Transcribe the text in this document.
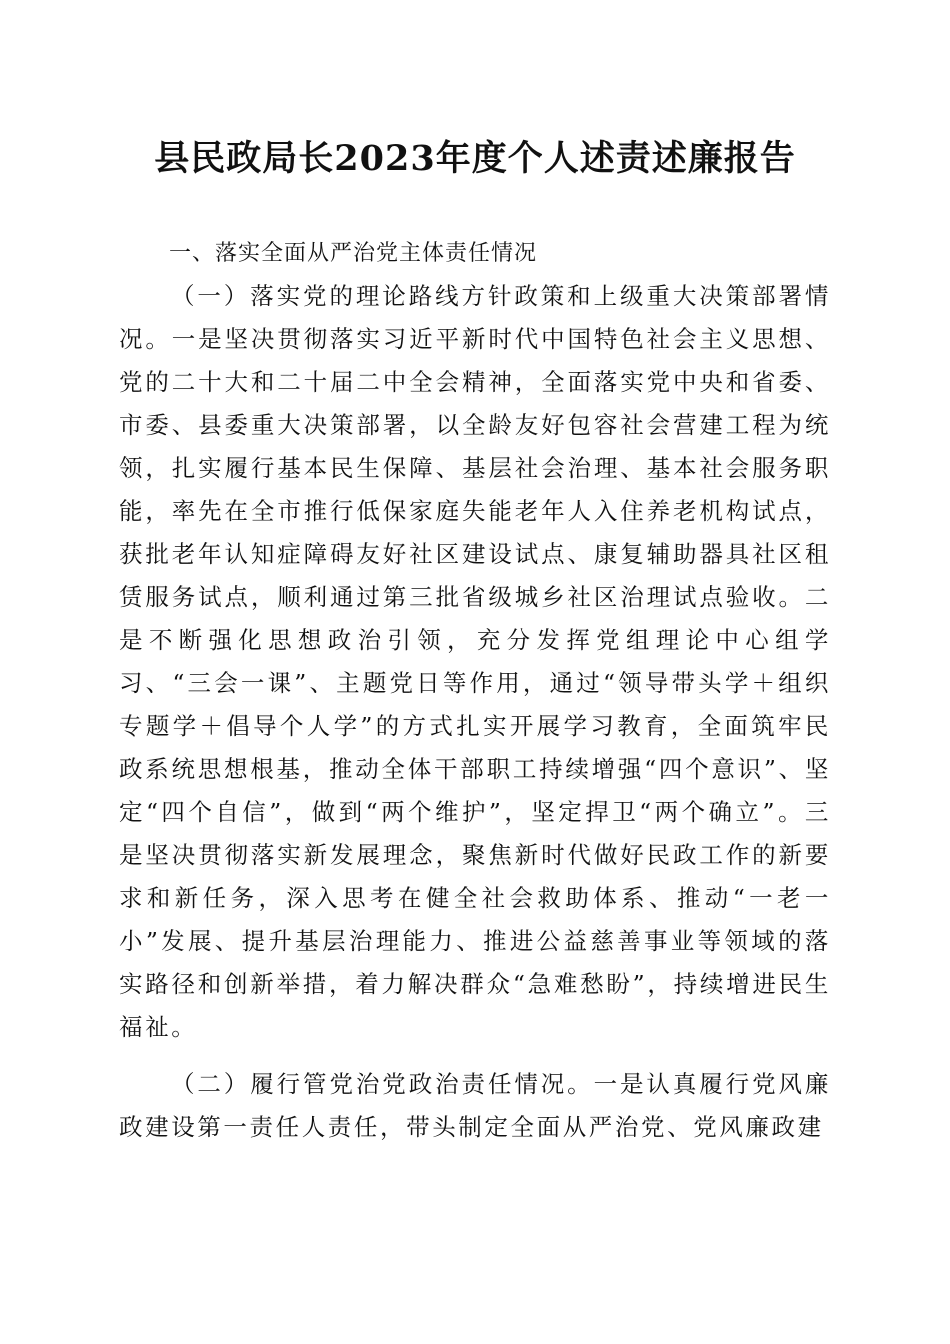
县民政局长2023年度个人述责述廉报告
一、落实全面从严治党主体责任情况

（一）落实党的理论路线方针政策和上级重大决策部署情况。一是坚决贯彻落实习近平新时代中国特色社会主义思想、党的二十大和二十届二中全会精神，全面落实党中央和省委、市委、县委重大决策部署，以全龄友好包容社会营建工程为统领，扎实履行基本民生保障、基层社会治理、基本社会服务职能，率先在全市推行低保家庭失能老年人入住养老机构试点，获批老年认知症障碍友好社区建设试点、康复辅助器具社区租赁服务试点，顺利通过第三批省级城乡社区治理试点验收。二是不断强化思想政治引领，充分发挥党组理论中心组学习、“三会一课”、主题党日等作用，通过“领导带头学＋组织专题学＋倡导个人学”的方式扎实开展学习教育，全面筑牢民政系统思想根基，推动全体干部职工持续增强“四个意识”、坚定“四个自信”，做到“两个维护”，坚定捍卫“两个确立”。三是坚决贯彻落实新发展理念，聚焦新时代做好民政工作的新要求和新任务，深入思考在健全社会救助体系、推动“一老一小”发展、提升基层治理能力、推进公益慈善事业等领域的落实路径和创新举措，着力解决群众“急难愁盼”，持续增进民生福祉。

（二）履行管党治党政治责任情况。一是认真履行党风廉政建设第一责任人责任，带头制定全面从严治党、党风廉政建
